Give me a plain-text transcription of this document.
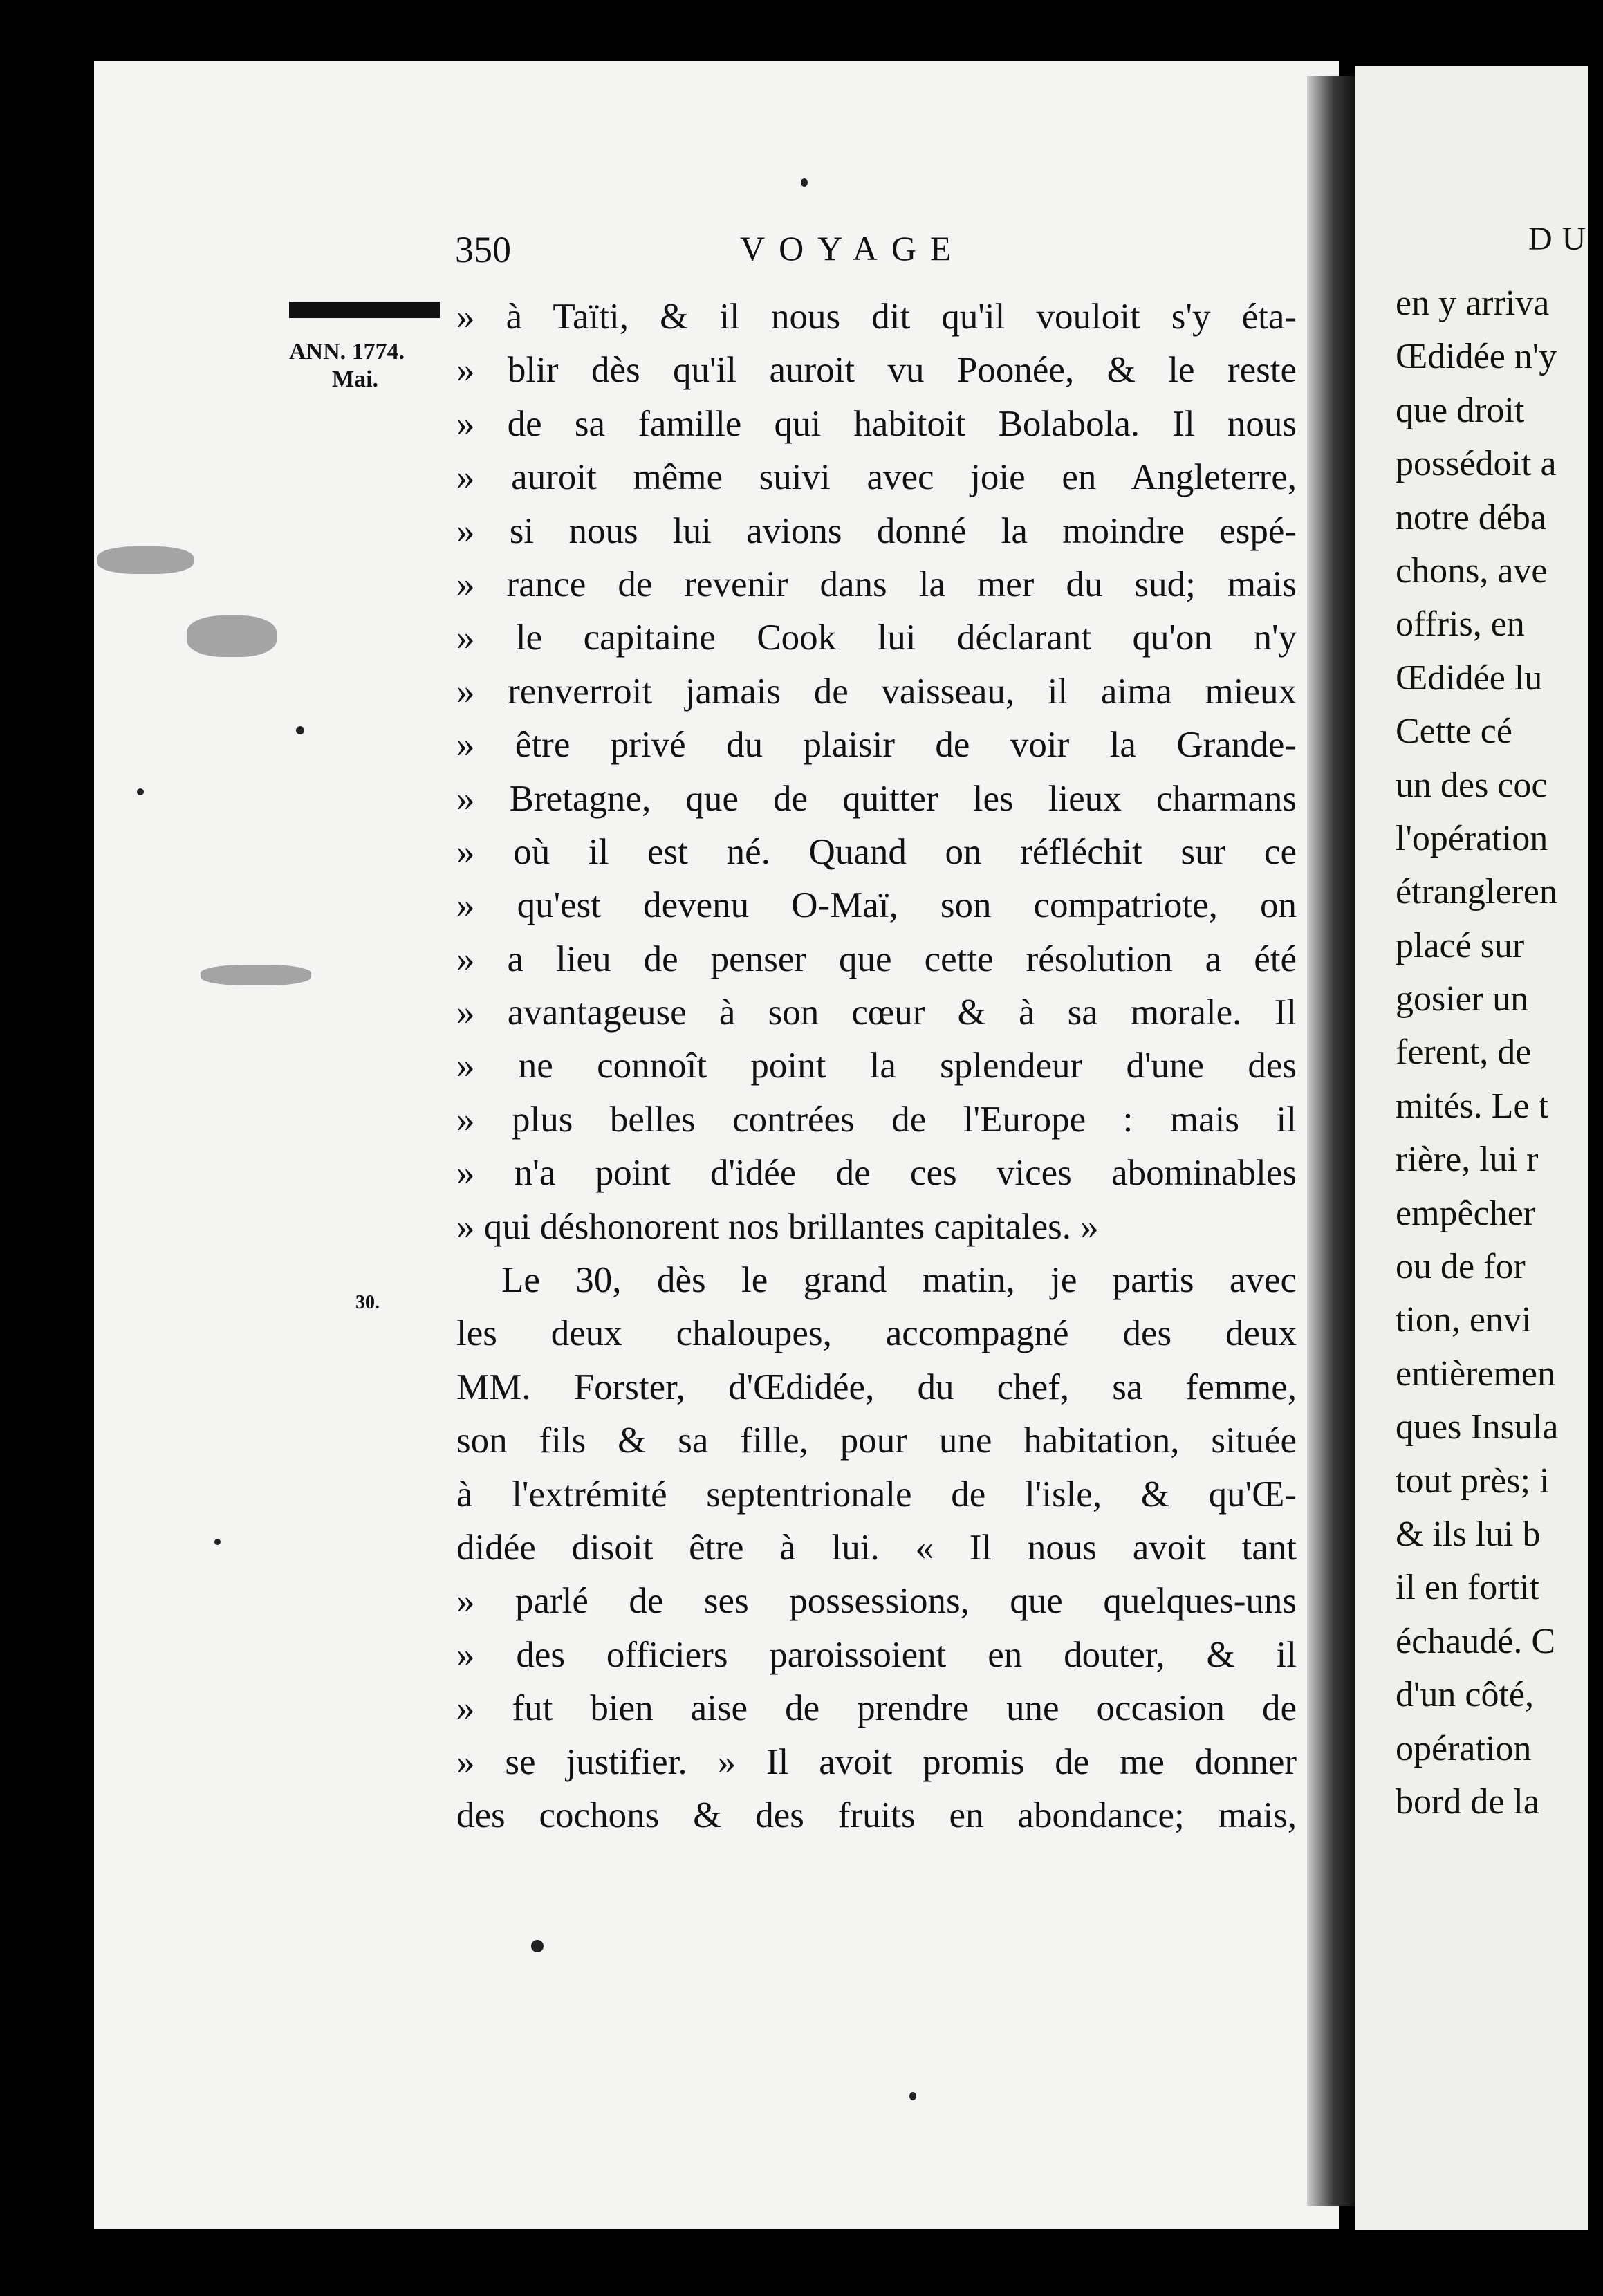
350	VOYAGE
ANN. 1774.
Mai.
30.
» à Taïti, & il nous dit qu'il vouloit s'y éta-
» blir dès qu'il auroit vu Poonée, & le reste
» de sa famille qui habitoit Bolabola. Il nous
» auroit même suivi avec joie en Angleterre,
» si nous lui avions donné la moindre espé-
» rance de revenir dans la mer du sud; mais
» le capitaine Cook lui déclarant qu'on n'y
» renverroit jamais de vaisseau, il aima mieux
» être privé du plaisir de voir la Grande-
» Bretagne, que de quitter les lieux charmans
» où il est né. Quand on réfléchit sur ce
» qu'est devenu O-Maï, son compatriote, on
» a lieu de penser que cette résolution a été
» avantageuse à son cœur & à sa morale. Il
» ne connoît point la splendeur d'une des
» plus belles contrées de l'Europe : mais il
» n'a point d'idée de ces vices abominables
» qui déshonorent nos brillantes capitales. »
Le 30, dès le grand matin, je partis avec
les deux chaloupes, accompagné des deux
MM. Forster, d'Œdidée, du chef, sa femme,
son fils & sa fille, pour une habitation, située
à l'extrémité septentrionale de l'isle, & qu'Œ-
didée disoit être à lui. « Il nous avoit tant
» parlé de ses possessions, que quelques-uns
» des officiers paroissoient en douter, & il
» fut bien aise de prendre une occasion de
» se justifier. » Il avoit promis de me donner
des cochons & des fruits en abondance; mais,
DU
en y arriva
Œdidée n'y
que droit
possédoit a
notre déba
chons, ave
offris, en
Œdidée lu
Cette cé
un des coc
l'opération
étrangleren
placé sur
gosier un
ferent, de
mités. Le t
rière, lui r
empêcher
ou de for
tion, envi
entièremen
ques Insula
tout près; i
& ils lui b
il en fortit
échaudé. C
d'un côté,
opération
bord de la
